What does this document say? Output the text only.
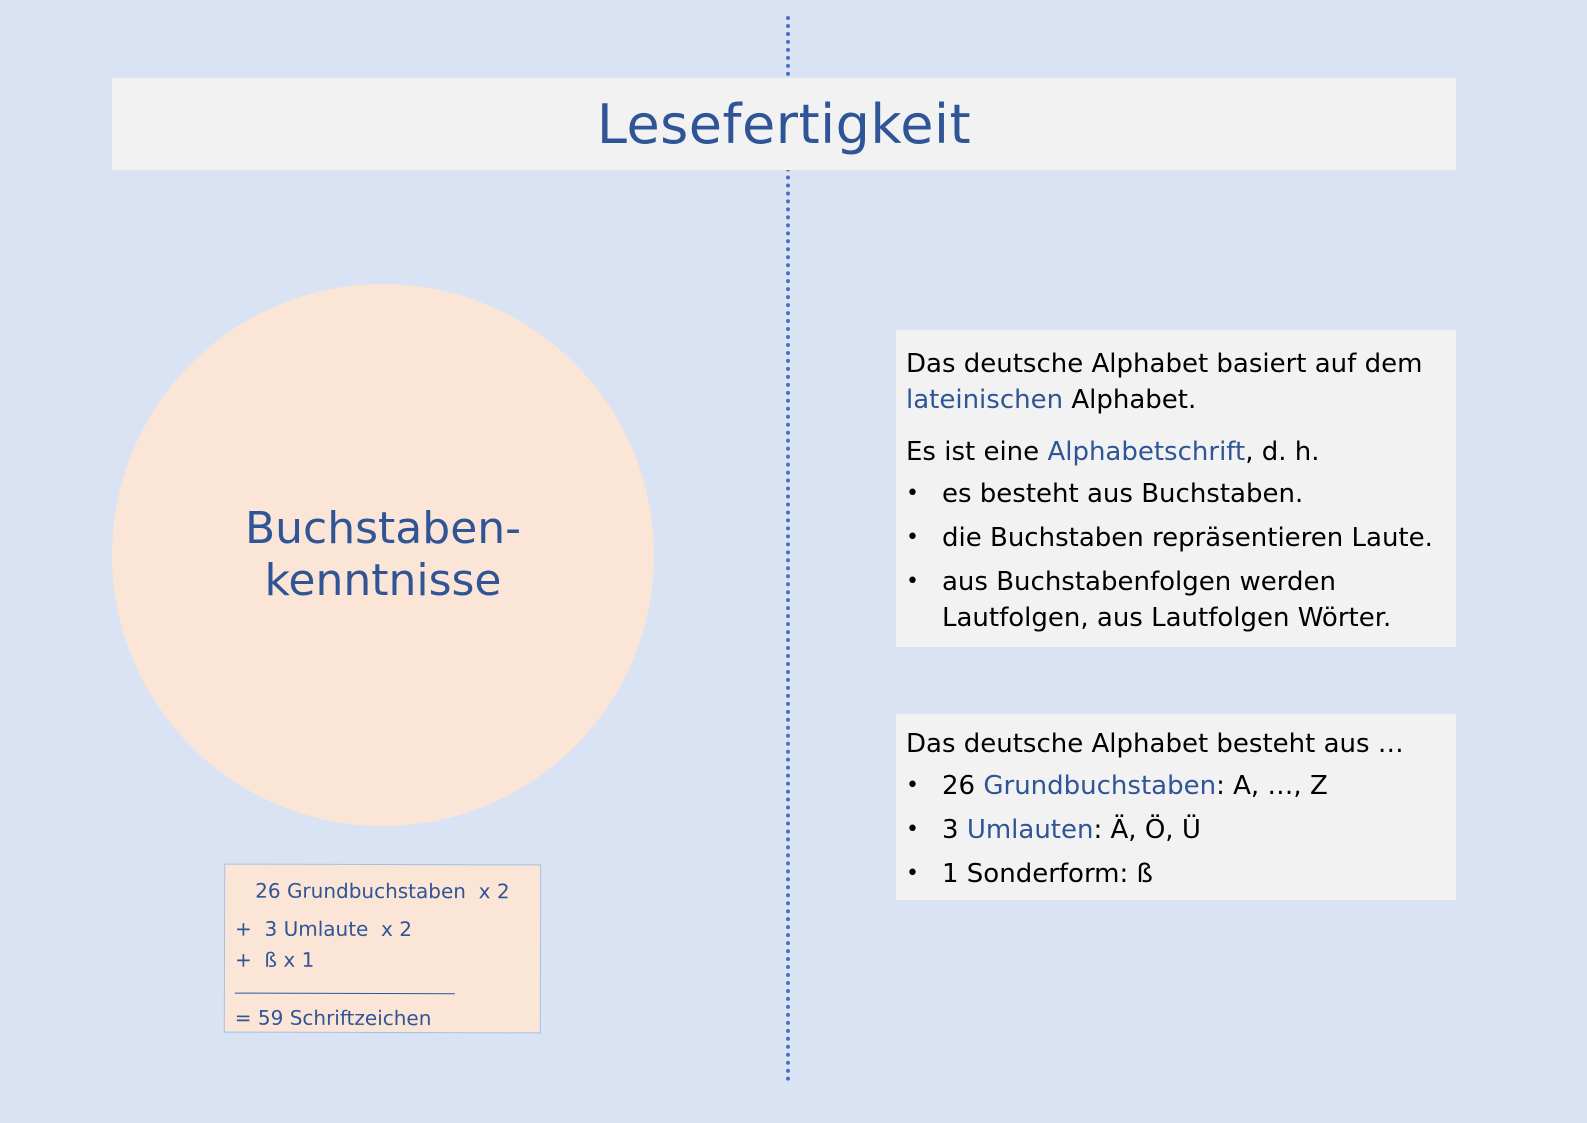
Lesefertigkeit
Buchstaben-
kenntnisse
26 Grundbuchstaben  x 2
+  3 Umlaute  x 2
+  ß x 1
= 59 Schriftzeichen

Das deutsche Alphabet basiert auf dem lateinischen Alphabet.

Es ist eine Alphabetschrift, d. h.

• es besteht aus Buchstaben.
• die Buchstaben repräsentieren Laute.
• aus Buchstabenfolgen werden Lautfolgen, aus Lautfolgen Wörter.

Das deutsche Alphabet besteht aus …

• 26 Grundbuchstaben: A, …, Z
• 3 Umlauten: Ä, Ö, Ü
• 1 Sonderform: ß
